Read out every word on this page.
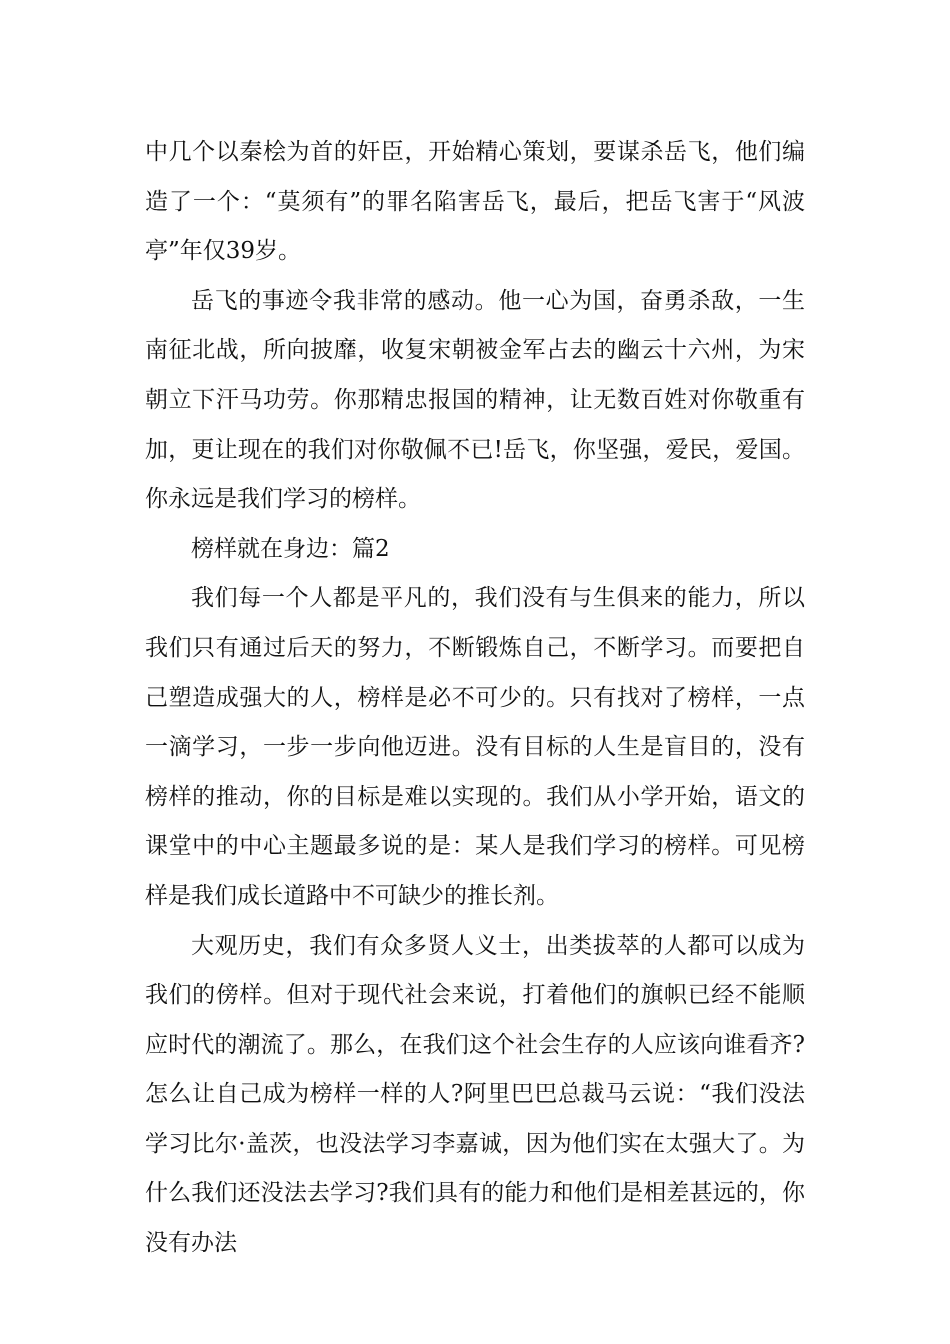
中几个以秦桧为首的奸臣，开始精心策划，要谋杀岳飞，他们编造了一个：“莫须有”的罪名陷害岳飞，最后，把岳飞害于“风波亭”年仅39岁。

岳飞的事迹令我非常的感动。他一心为国，奋勇杀敌，一生南征北战，所向披靡，收复宋朝被金军占去的幽云十六州，为宋朝立下汗马功劳。你那精忠报国的精神，让无数百姓对你敬重有加，更让现在的我们对你敬佩不已!岳飞，你坚强，爱民，爱国。你永远是我们学习的榜样。

榜样就在身边：篇2

我们每一个人都是平凡的，我们没有与生俱来的能力，所以我们只有通过后天的努力，不断锻炼自己，不断学习。而要把自己塑造成强大的人，榜样是必不可少的。只有找对了榜样，一点一滴学习，一步一步向他迈进。没有目标的人生是盲目的，没有榜样的推动，你的目标是难以实现的。我们从小学开始，语文的课堂中的中心主题最多说的是：某人是我们学习的榜样。可见榜样是我们成长道路中不可缺少的推长剂。

大观历史，我们有众多贤人义士，出类拔萃的人都可以成为我们的傍样。但对于现代社会来说，打着他们的旗帜已经不能顺应时代的潮流了。那么，在我们这个社会生存的人应该向谁看齐?怎么让自己成为榜样一样的人?阿里巴巴总裁马云说：“我们没法学习比尔·盖茨，也没法学习李嘉诚，因为他们实在太强大了。为什么我们还没法去学习?我们具有的能力和他们是相差甚远的，你没有办法
